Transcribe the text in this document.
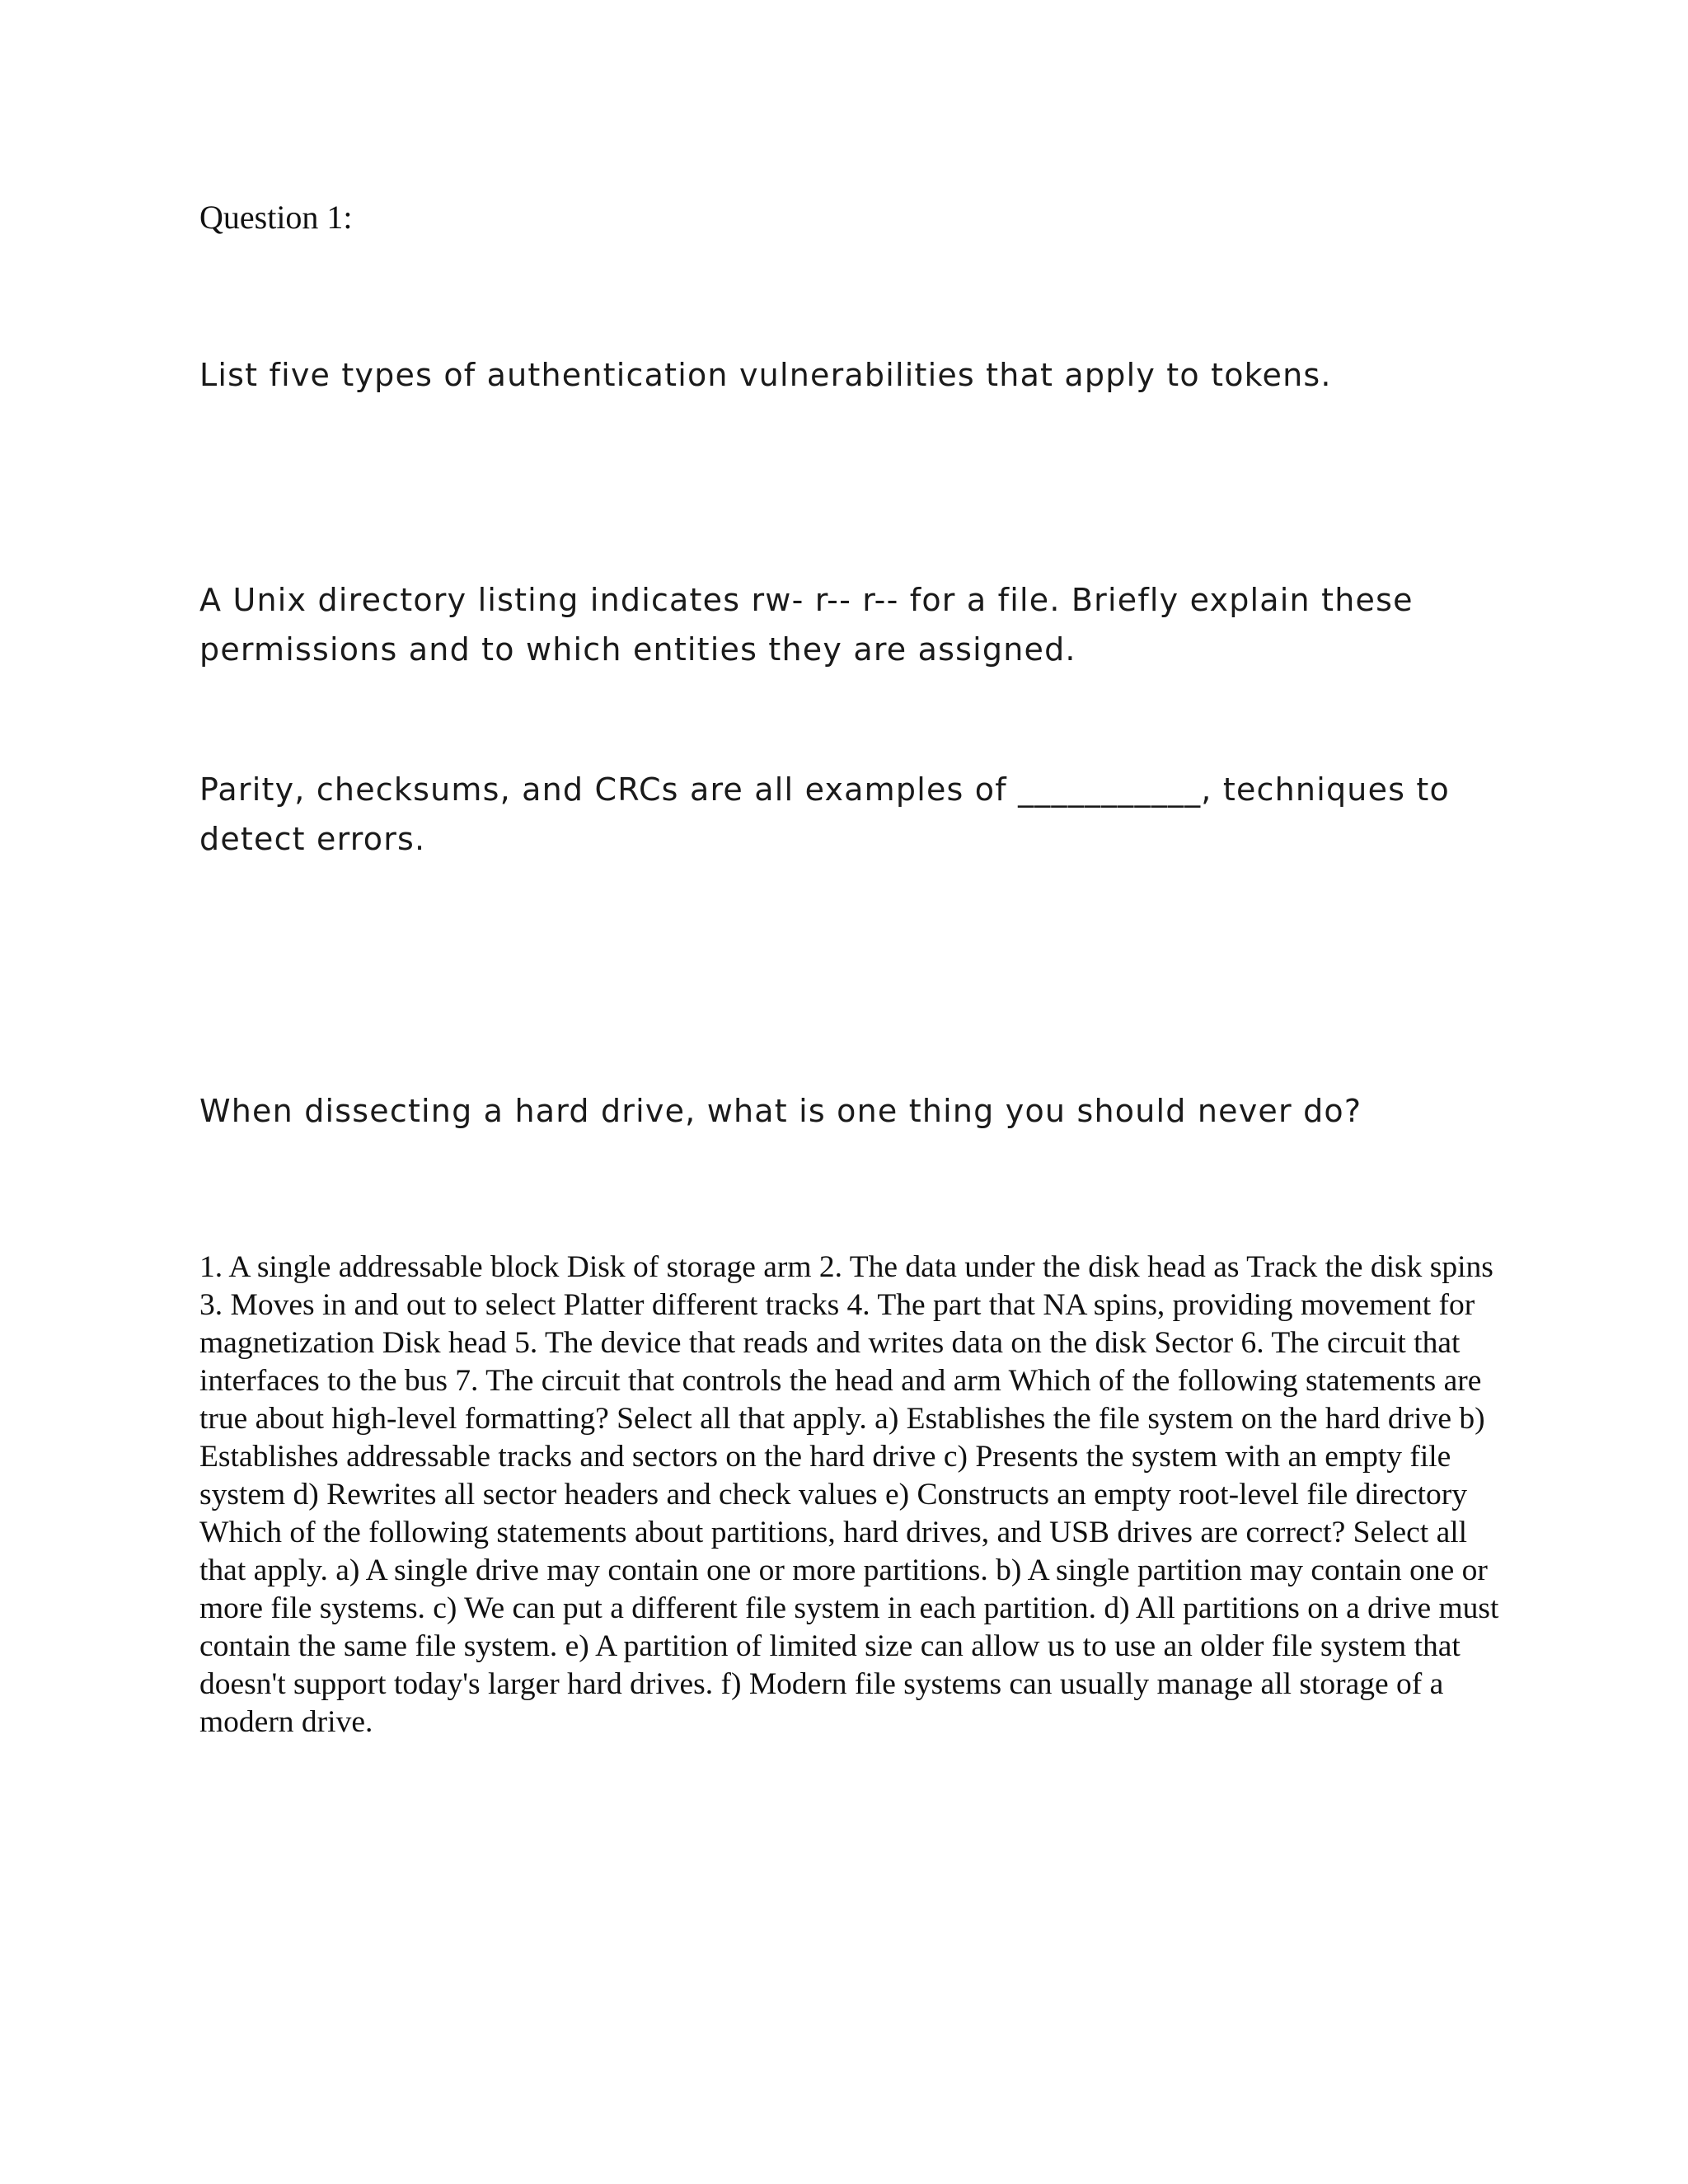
Question 1:

List five types of authentication vulnerabilities that apply to tokens.

A Unix directory listing indicates rw- r-- r-- for a file. Briefly explain these permissions and to which entities they are assigned.

Parity, checksums, and CRCs are all examples of ___________, techniques to detect errors.

When dissecting a hard drive, what is one thing you should never do?

1. A single addressable block Disk of storage arm 2. The data under the disk head as Track the disk spins 3. Moves in and out to select Platter different tracks 4. The part that NA spins, providing movement for magnetization Disk head 5. The device that reads and writes data on the disk Sector 6. The circuit that interfaces to the bus 7. The circuit that controls the head and arm Which of the following statements are true about high-level formatting? Select all that apply. a) Establishes the file system on the hard drive b) Establishes addressable tracks and sectors on the hard drive c) Presents the system with an empty file system d) Rewrites all sector headers and check values e) Constructs an empty root-level file directory Which of the following statements about partitions, hard drives, and USB drives are correct? Select all that apply. a) A single drive may contain one or more partitions. b) A single partition may contain one or more file systems. c) We can put a different file system in each partition. d) All partitions on a drive must contain the same file system. e) A partition of limited size can allow us to use an older file system that doesn't support today's larger hard drives. f) Modern file systems can usually manage all storage of a modern drive.
